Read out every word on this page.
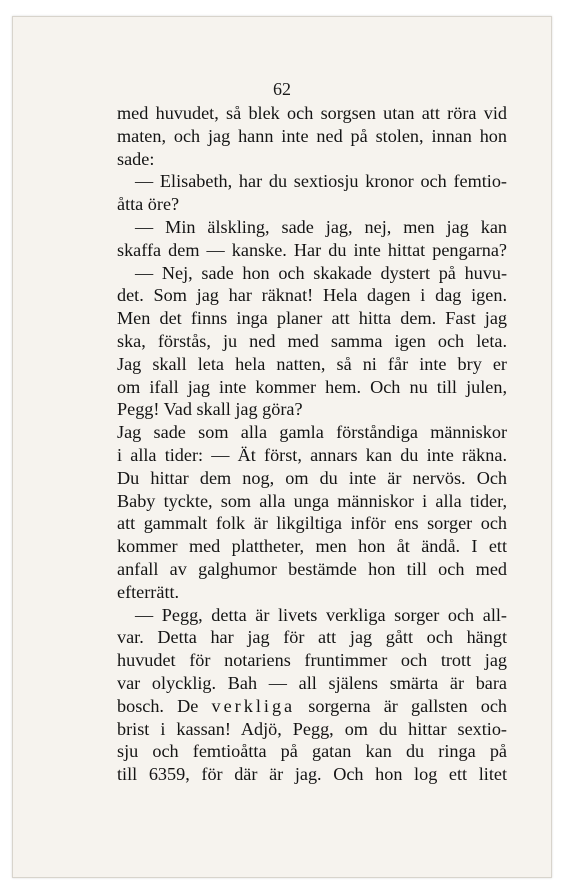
62
med huvudet, så blek och sorgsen utan att röra vid
maten, och jag hann inte ned på stolen, innan hon
sade:
— Elisabeth, har du sextiosju kronor och femtio-
åtta öre?
— Min älskling, sade jag, nej, men jag kan
skaffa dem — kanske. Har du inte hittat pengarna?
— Nej, sade hon och skakade dystert på huvu-
det. Som jag har räknat! Hela dagen i dag igen.
Men det finns inga planer att hitta dem. Fast jag
ska, förstås, ju ned med samma igen och leta.
Jag skall leta hela natten, så ni får inte bry er
om ifall jag inte kommer hem. Och nu till julen,
Pegg! Vad skall jag göra?
Jag sade som alla gamla förståndiga människor
i alla tider: — Ät först, annars kan du inte räkna.
Du hittar dem nog, om du inte är nervös. Och
Baby tyckte, som alla unga människor i alla tider,
att gammalt folk är likgiltiga inför ens sorger och
kommer med plattheter, men hon åt ändå. I ett
anfall av galghumor bestämde hon till och med
efterrätt.
— Pegg, detta är livets verkliga sorger och all-
var. Detta har jag för att jag gått och hängt
huvudet för notariens fruntimmer och trott jag
var olycklig. Bah — all själens smärta är bara
bosch. De verkliga sorgerna är gallsten och
brist i kassan! Adjö, Pegg, om du hittar sextio-
sju och femtioåtta på gatan kan du ringa på
till 6359, för där är jag. Och hon log ett litet
